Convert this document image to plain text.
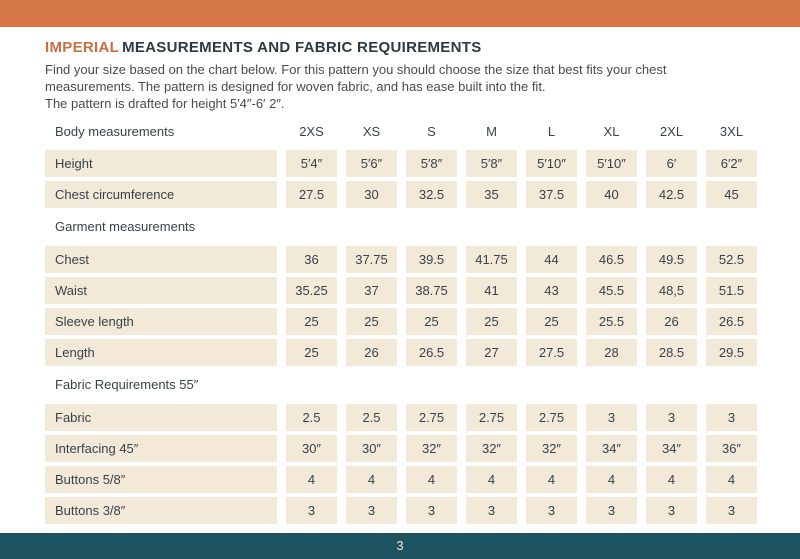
IMPERIAL MEASUREMENTS AND FABRIC REQUIREMENTS

Find your size based on the chart below. For this pattern you should choose the size that best fits your chest measurements. The pattern is designed for woven fabric, and has ease built into the fit.

The pattern is drafted for height 5′4″-6′ 2″.

Body measurements	2XS	XS	S	M	L	XL	2XL	3XL
Height	5′4″	5′6″	5′8″	5′8″	5′10″	5′10″	6′	6′2″
Chest circumference	27.5	30	32.5	35	37.5	40	42.5	45
Garment measurements
Chest	36	37.75	39.5	41.75	44	46.5	49.5	52.5
Waist	35.25	37	38.75	41	43	45.5	48,5	51.5
Sleeve length	25	25	25	25	25	25.5	26	26.5
Length	25	26	26.5	27	27.5	28	28.5	29.5
Fabric Requirements 55″
Fabric	2.5	2.5	2.75	2.75	2.75	3	3	3
Interfacing 45″	30″	30″	32″	32″	32″	34″	34″	36″
Buttons 5/8″	4	4	4	4	4	4	4	4
Buttons 3/8″	3	3	3	3	3	3	3	3
3
